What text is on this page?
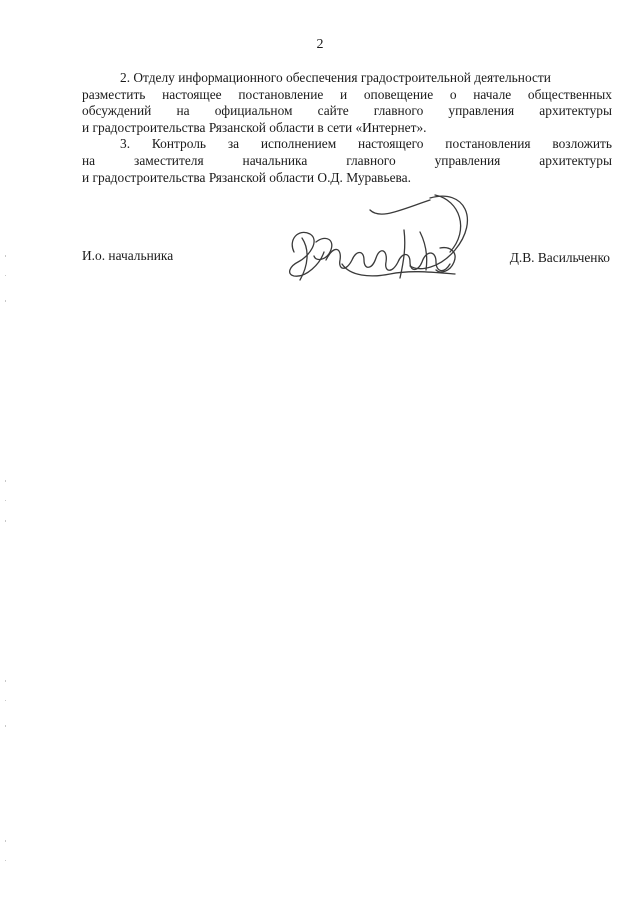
2

2. Отделу информационного обеспечения градостроительной деятельности
разместить настоящее постановление и оповещение о начале общественных
обсуждений на официальном сайте главного управления архитектуры
и градостроительства Рязанской области в сети «Интернет».

3. Контроль за исполнением настоящего постановления возложить
на	заместителя	начальника	главного	управления	архитектуры
и градостроительства Рязанской области О.Д. Муравьева.

И.о. начальника	Д.В. Васильченко
